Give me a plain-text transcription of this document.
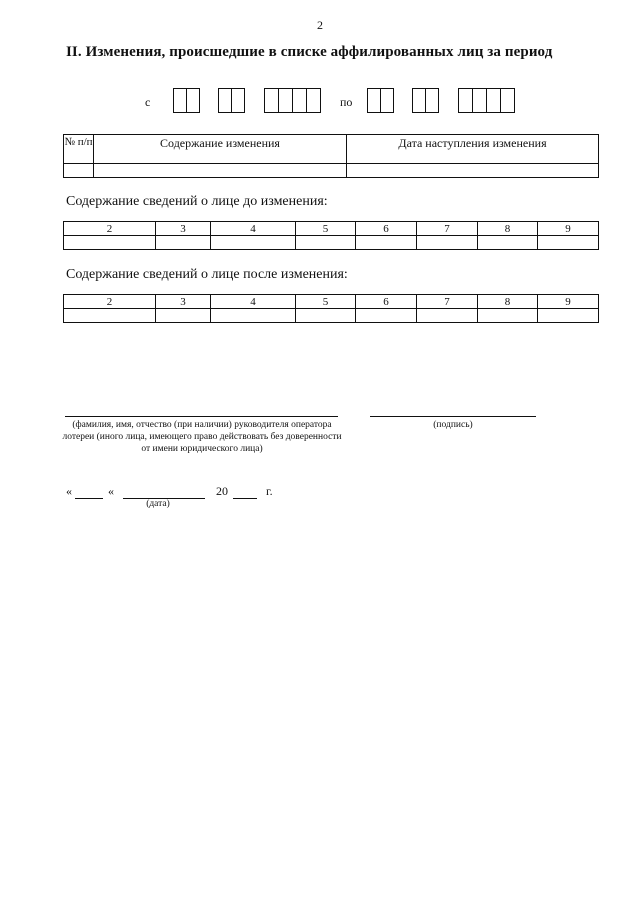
2
II. Изменения, происшедшие в списке аффилированных лиц за период
с	по
№ п/п	Содержание изменения	Дата наступления изменения

Содержание сведений о лице до изменения:
2	3	4	5	6	7	8	9

Содержание сведений о лице после изменения:
2	3	4	5	6	7	8	9

(фамилия, имя, отчество (при наличии) руководителя оператора лотереи (иного лица, имеющего право действовать без доверенности от имени юридического лица)
(подпись)
«	«	20	г.
(дата)
